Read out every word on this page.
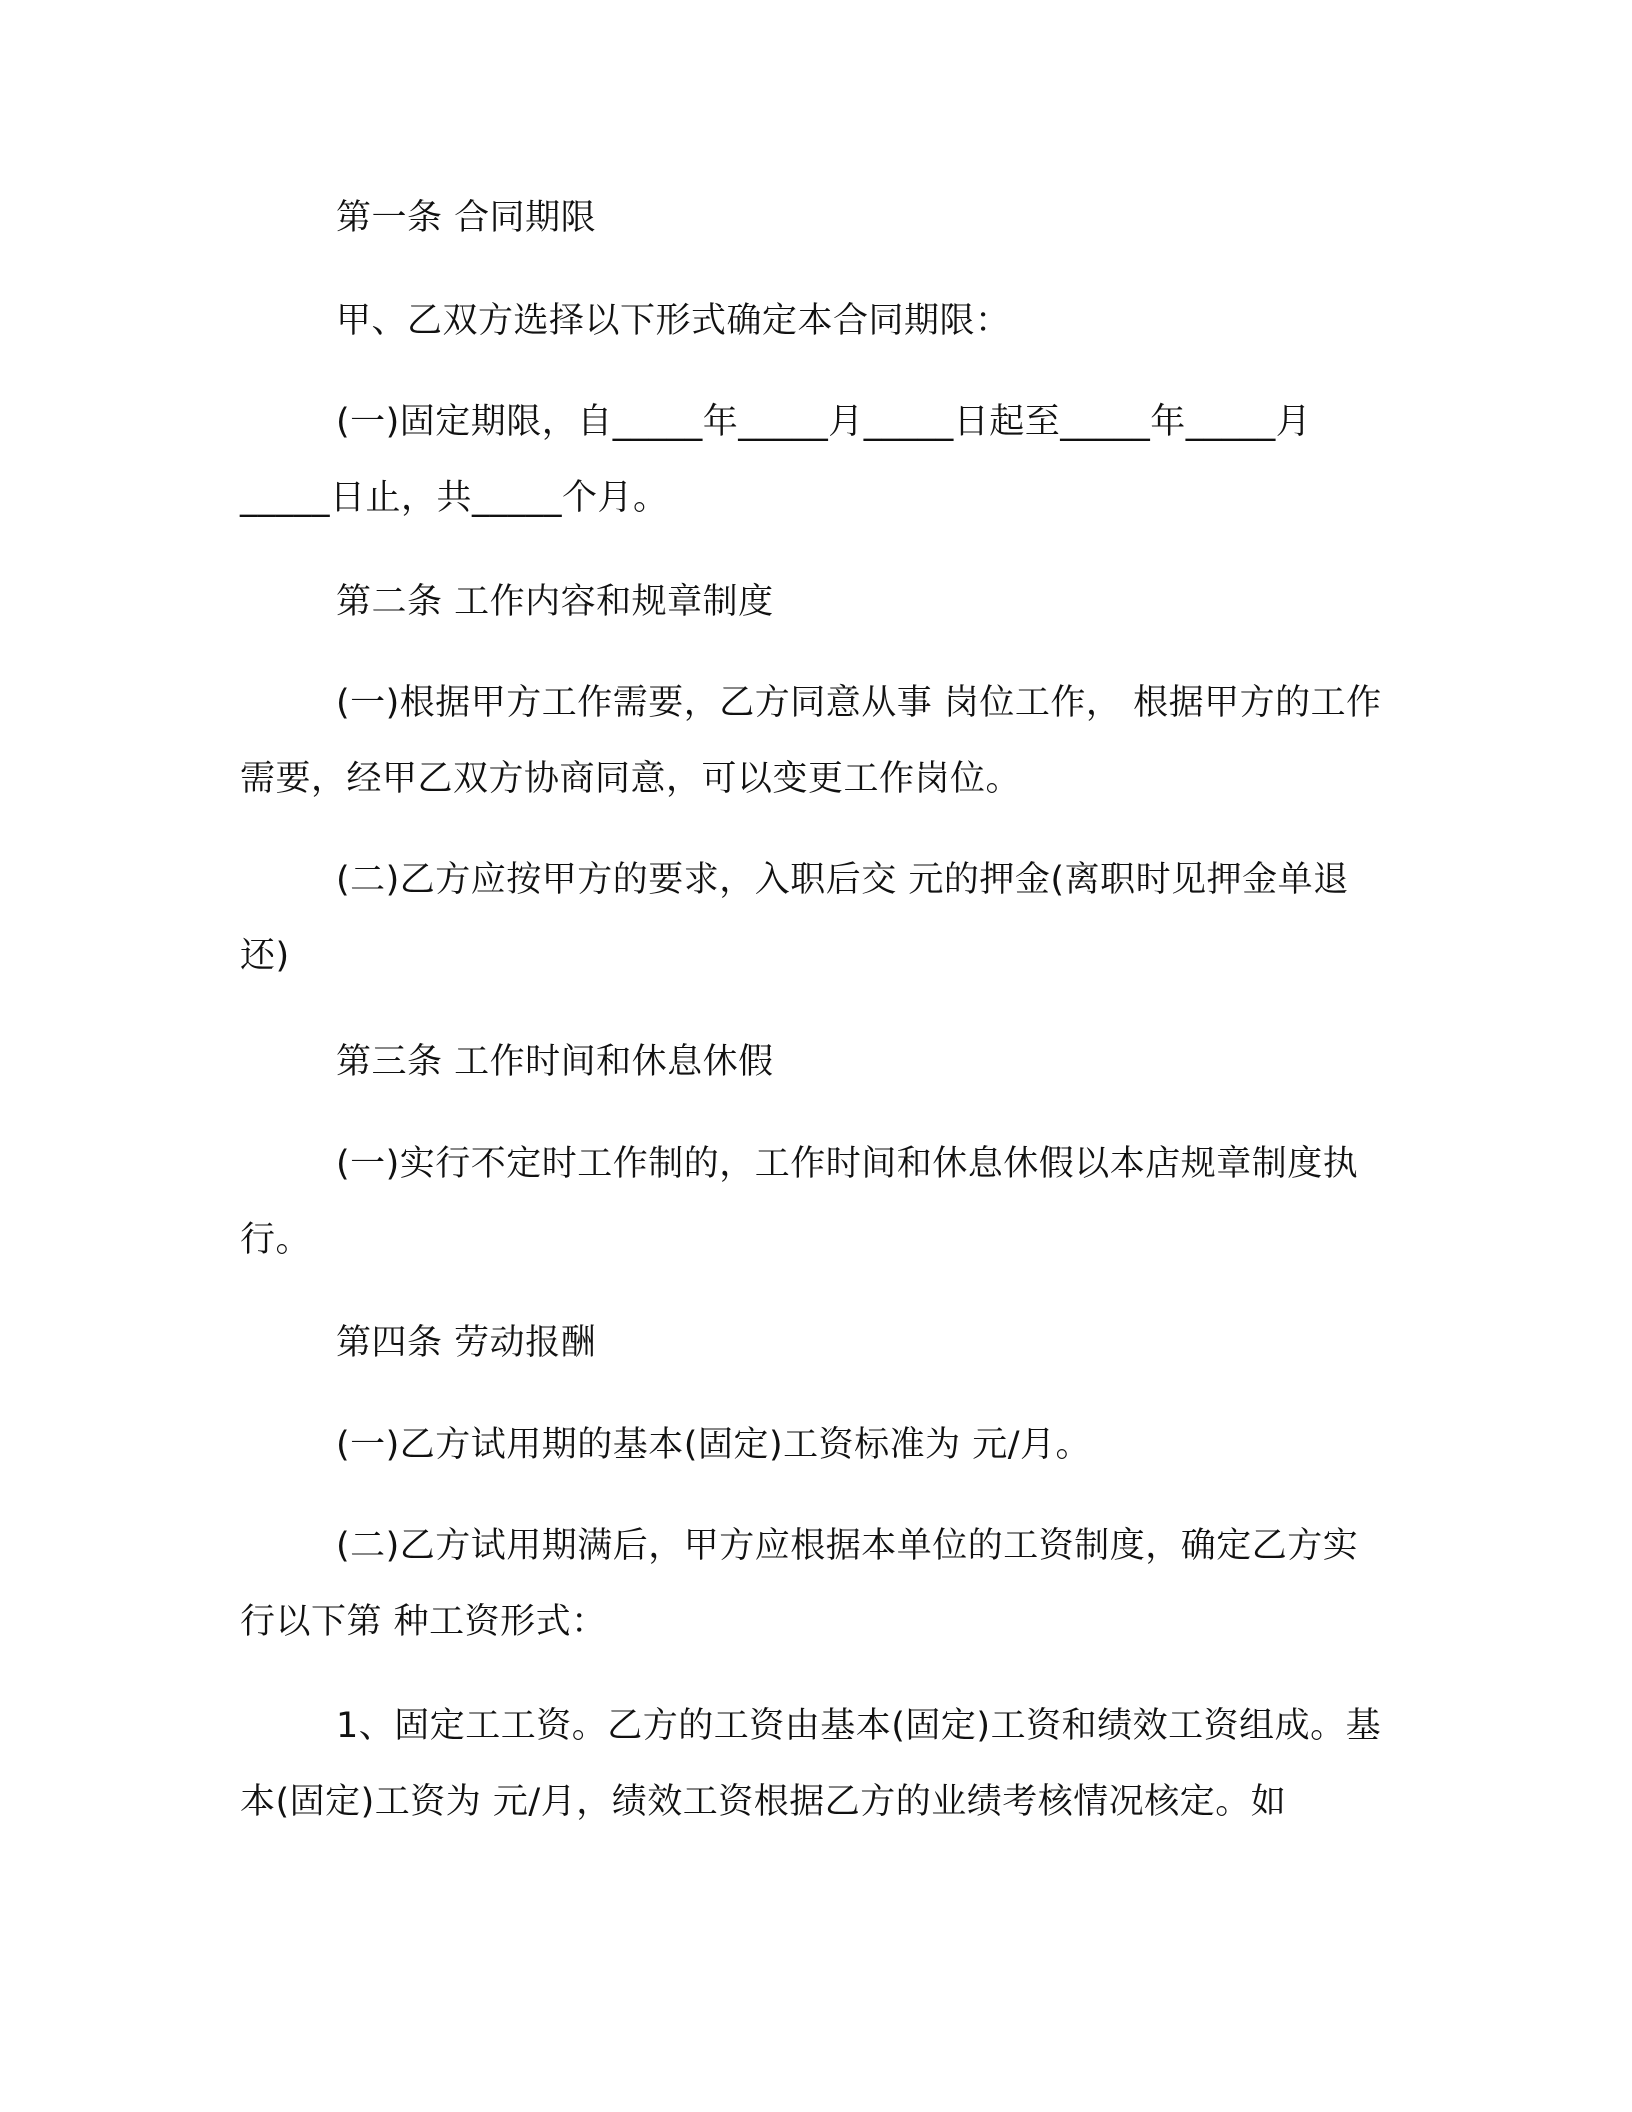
第一条 合同期限

甲、乙双方选择以下形式确定本合同期限：

(一)固定期限，自_____年_____月_____日起至_____年_____月_____日止，共_____个月。

第二条 工作内容和规章制度

(一)根据甲方工作需要，乙方同意从事 岗位工作， 根据甲方的工作需要，经甲乙双方协商同意，可以变更工作岗位。

(二)乙方应按甲方的要求，入职后交 元的押金(离职时见押金单退还)

第三条 工作时间和休息休假

(一)实行不定时工作制的，工作时间和休息休假以本店规章制度执行。

第四条 劳动报酬

(一)乙方试用期的基本(固定)工资标准为 元/月。

(二)乙方试用期满后，甲方应根据本单位的工资制度，确定乙方实行以下第 种工资形式：

1、固定工工资。乙方的工资由基本(固定)工资和绩效工资组成。基本(固定)工资为 元/月，绩效工资根据乙方的业绩考核情况核定。如
